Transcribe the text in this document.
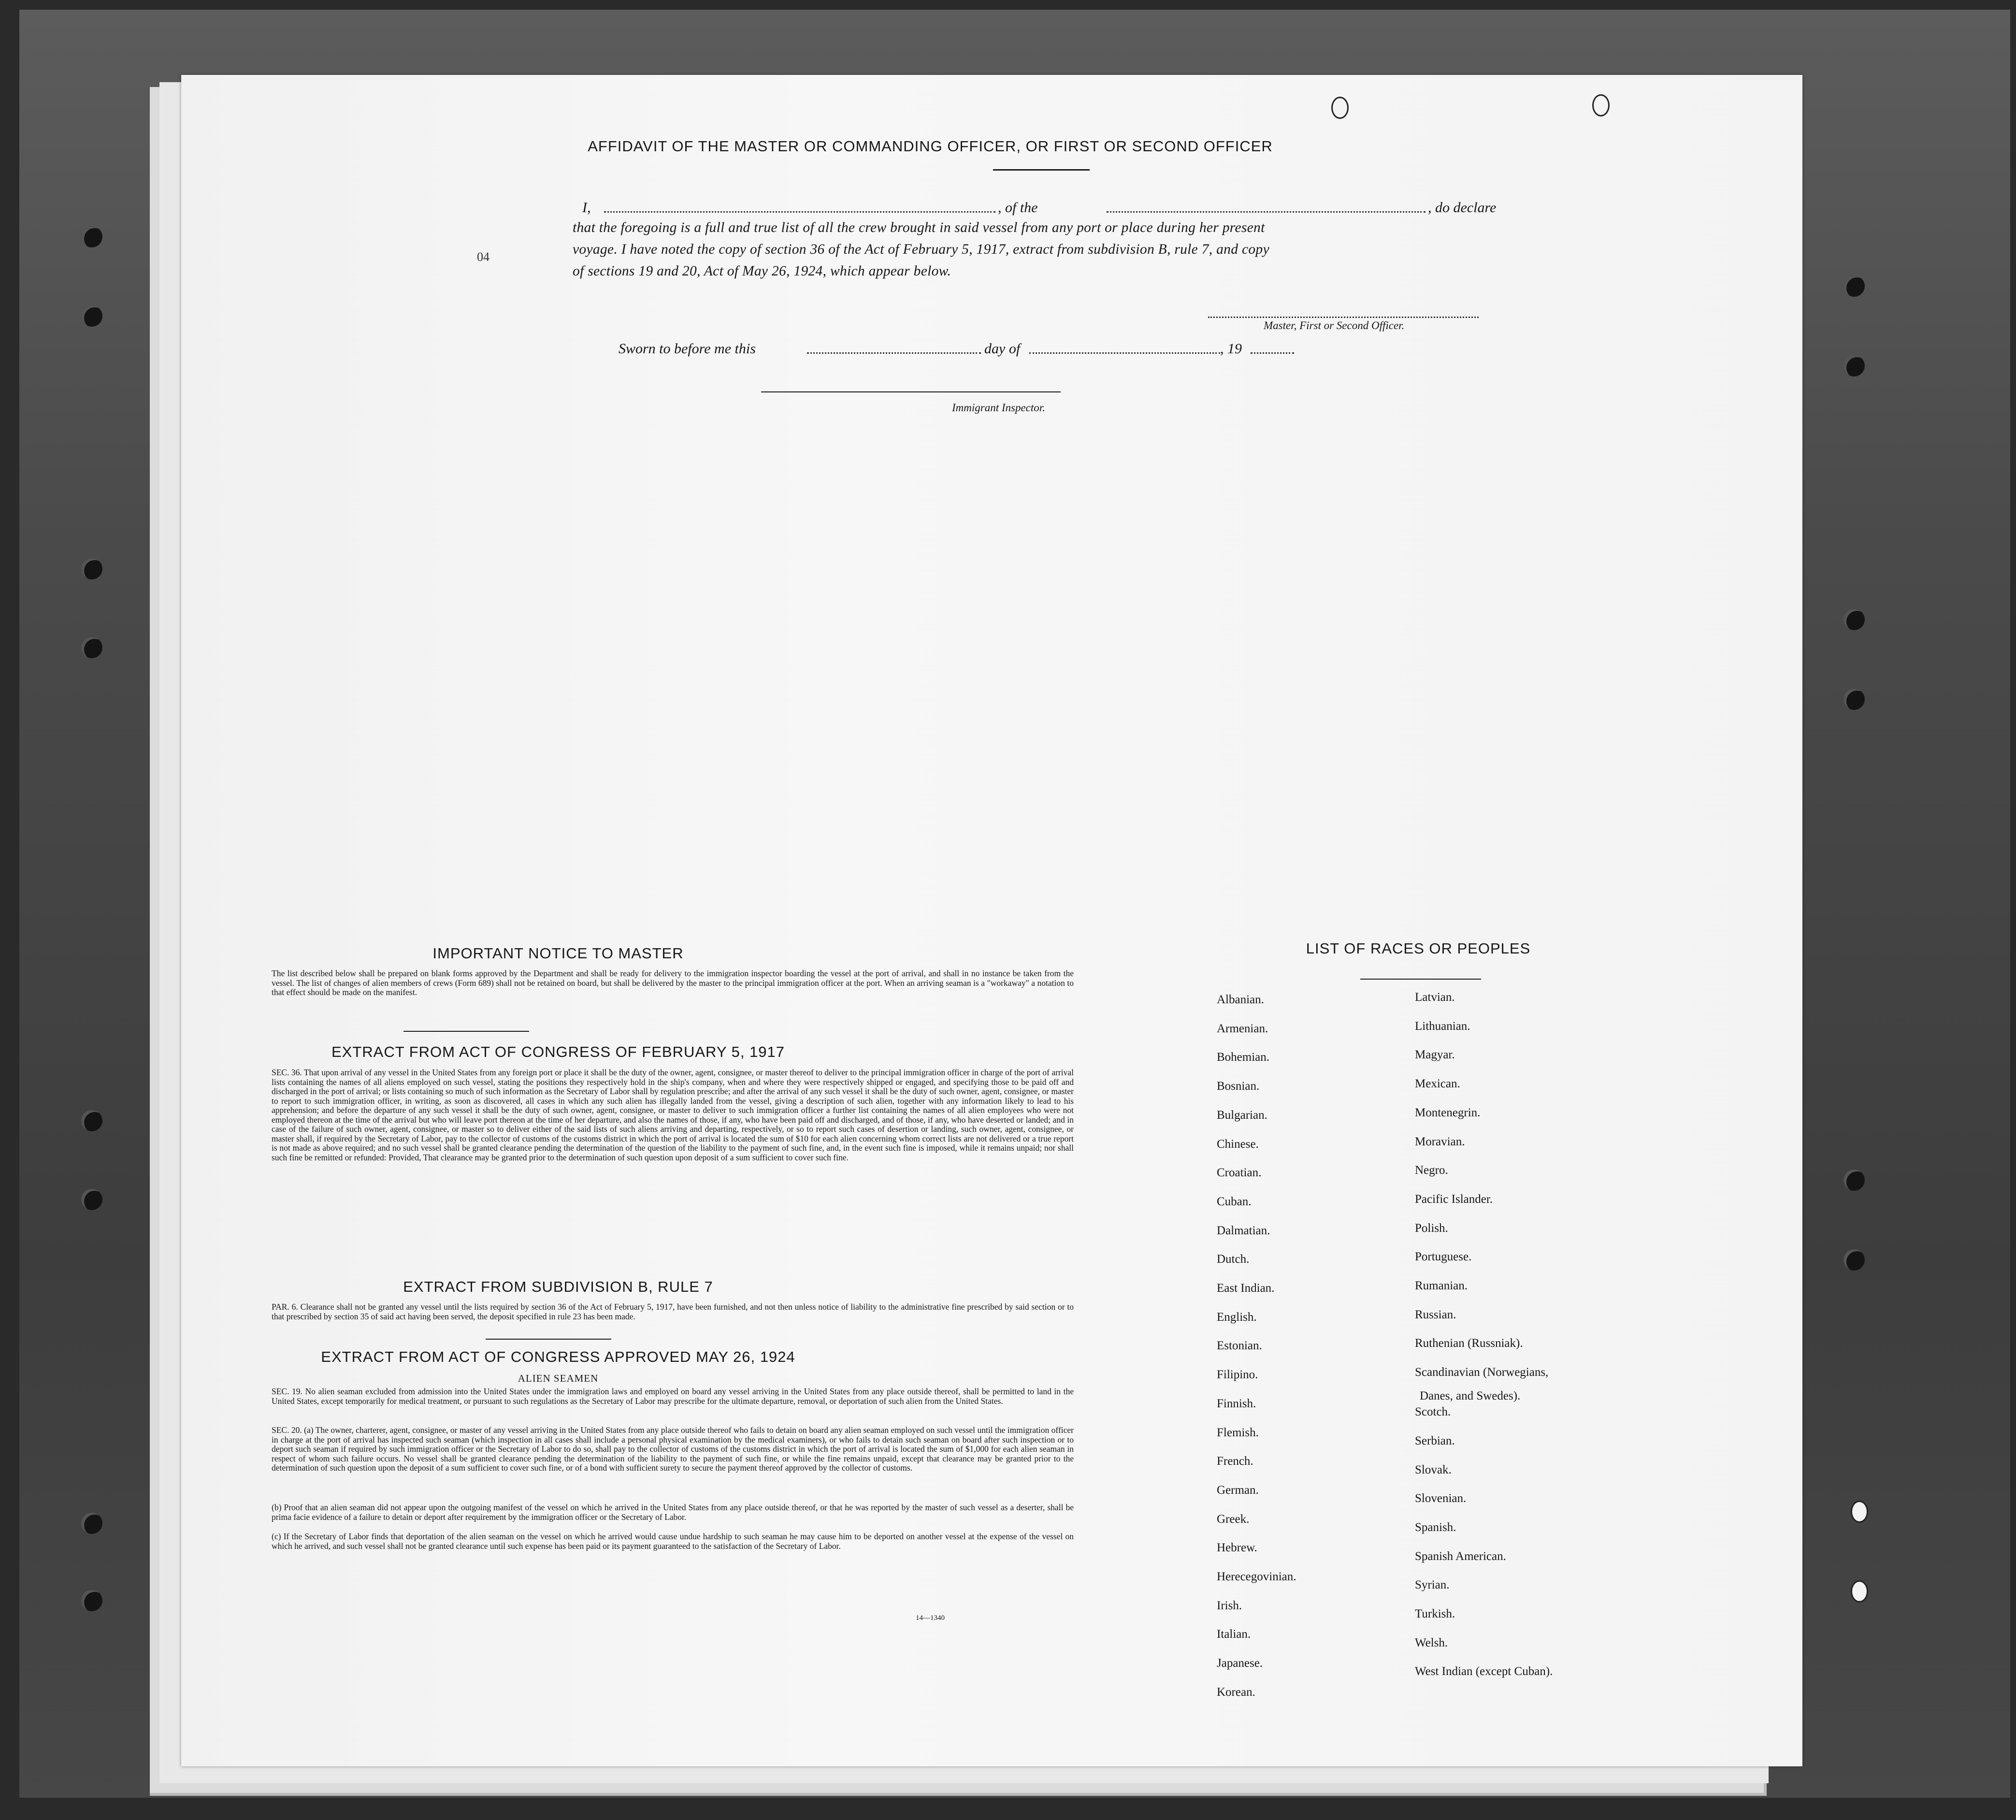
AFFIDAVIT OF THE MASTER OR COMMANDING OFFICER, OR FIRST OR SECOND OFFICER
I,	, of the	, do declare
that the foregoing is a full and true list of all the crew brought in said vessel from any port or place during her present
voyage. I have noted the copy of section 36 of the Act of February 5, 1917, extract from subdivision B, rule 7, and copy
of sections 19 and 20, Act of May 26, 1924, which appear below.
04
Master, First or Second Officer.
Sworn to before me this	day of	, 19
Immigrant Inspector.
IMPORTANT NOTICE TO MASTER
The list described below shall be prepared on blank forms approved by the Department and shall be ready for delivery to the immigration inspector boarding the vessel at the port of arrival, and shall in no instance be taken from the vessel. The list of changes of alien members of crews (Form 689) shall not be retained on board, but shall be delivered by the master to the principal immigration officer at the port. When an arriving seaman is a "workaway" a notation to that effect should be made on the manifest.
EXTRACT FROM ACT OF CONGRESS OF FEBRUARY 5, 1917
SEC. 36. That upon arrival of any vessel in the United States from any foreign port or place it shall be the duty of the owner, agent, consignee, or master thereof to deliver to the principal immigration officer in charge of the port of arrival lists containing the names of all aliens employed on such vessel, stating the positions they respectively hold in the ship's company, when and where they were respectively shipped or engaged, and specifying those to be paid off and discharged in the port of arrival; or lists containing so much of such information as the Secretary of Labor shall by regulation prescribe; and after the arrival of any such vessel it shall be the duty of such owner, agent, consignee, or master to report to such immigration officer, in writing, as soon as discovered, all cases in which any such alien has illegally landed from the vessel, giving a description of such alien, together with any information likely to lead to his apprehension; and before the departure of any such vessel it shall be the duty of such owner, agent, consignee, or master to deliver to such immigration officer a further list containing the names of all alien employees who were not employed thereon at the time of the arrival but who will leave port thereon at the time of her departure, and also the names of those, if any, who have been paid off and discharged, and of those, if any, who have deserted or landed; and in case of the failure of such owner, agent, consignee, or master so to deliver either of the said lists of such aliens arriving and departing, respectively, or so to report such cases of desertion or landing, such owner, agent, consignee, or master shall, if required by the Secretary of Labor, pay to the collector of customs of the customs district in which the port of arrival is located the sum of $10 for each alien concerning whom correct lists are not delivered or a true report is not made as above required; and no such vessel shall be granted clearance pending the determination of the question of the liability to the payment of such fine, and, in the event such fine is imposed, while it remains unpaid; nor shall such fine be remitted or refunded: Provided, That clearance may be granted prior to the determination of such question upon deposit of a sum sufficient to cover such fine.
EXTRACT FROM SUBDIVISION B, RULE 7
PAR. 6. Clearance shall not be granted any vessel until the lists required by section 36 of the Act of February 5, 1917, have been furnished, and not then unless notice of liability to the administrative fine prescribed by said section or to that prescribed by section 35 of said act having been served, the deposit specified in rule 23 has been made.
EXTRACT FROM ACT OF CONGRESS APPROVED MAY 26, 1924
ALIEN SEAMEN
SEC. 19. No alien seaman excluded from admission into the United States under the immigration laws and employed on board any vessel arriving in the United States from any place outside thereof, shall be permitted to land in the United States, except temporarily for medical treatment, or pursuant to such regulations as the Secretary of Labor may prescribe for the ultimate departure, removal, or deportation of such alien from the United States.
SEC. 20. (a) The owner, charterer, agent, consignee, or master of any vessel arriving in the United States from any place outside thereof who fails to detain on board any alien seaman employed on such vessel until the immigration officer in charge at the port of arrival has inspected such seaman (which inspection in all cases shall include a personal physical examination by the medical examiners), or who fails to detain such seaman on board after such inspection or to deport such seaman if required by such immigration officer or the Secretary of Labor to do so, shall pay to the collector of customs of the customs district in which the port of arrival is located the sum of $1,000 for each alien seaman in respect of whom such failure occurs. No vessel shall be granted clearance pending the determination of the liability to the payment of such fine, or while the fine remains unpaid, except that clearance may be granted prior to the determination of such question upon the deposit of a sum sufficient to cover such fine, or of a bond with sufficient surety to secure the payment thereof approved by the collector of customs.
(b) Proof that an alien seaman did not appear upon the outgoing manifest of the vessel on which he arrived in the United States from any place outside thereof, or that he was reported by the master of such vessel as a deserter, shall be prima facie evidence of a failure to detain or deport after requirement by the immigration officer or the Secretary of Labor.
(c) If the Secretary of Labor finds that deportation of the alien seaman on the vessel on which he arrived would cause undue hardship to such seaman he may cause him to be deported on another vessel at the expense of the vessel on which he arrived, and such vessel shall not be granted clearance until such expense has been paid or its payment guaranteed to the satisfaction of the Secretary of Labor.
14—1340
LIST OF RACES OR PEOPLES
Danes, and Swedes).
Albanian.
Armenian.
Bohemian.
Bosnian.
Bulgarian.
Chinese.
Croatian.
Cuban.
Dalmatian.
Dutch.
East Indian.
English.
Estonian.
Filipino.
Finnish.
Flemish.
French.
German.
Greek.
Hebrew.
Herecegovinian.
Irish.
Italian.
Japanese.
Korean.
Latvian.
Lithuanian.
Magyar.
Mexican.
Montenegrin.
Moravian.
Negro.
Pacific Islander.
Polish.
Portuguese.
Rumanian.
Russian.
Ruthenian (Russniak).
Scandinavian (Norwegians,
Scotch.
Serbian.
Slovak.
Slovenian.
Spanish.
Spanish American.
Syrian.
Turkish.
Welsh.
West Indian (except Cuban).
